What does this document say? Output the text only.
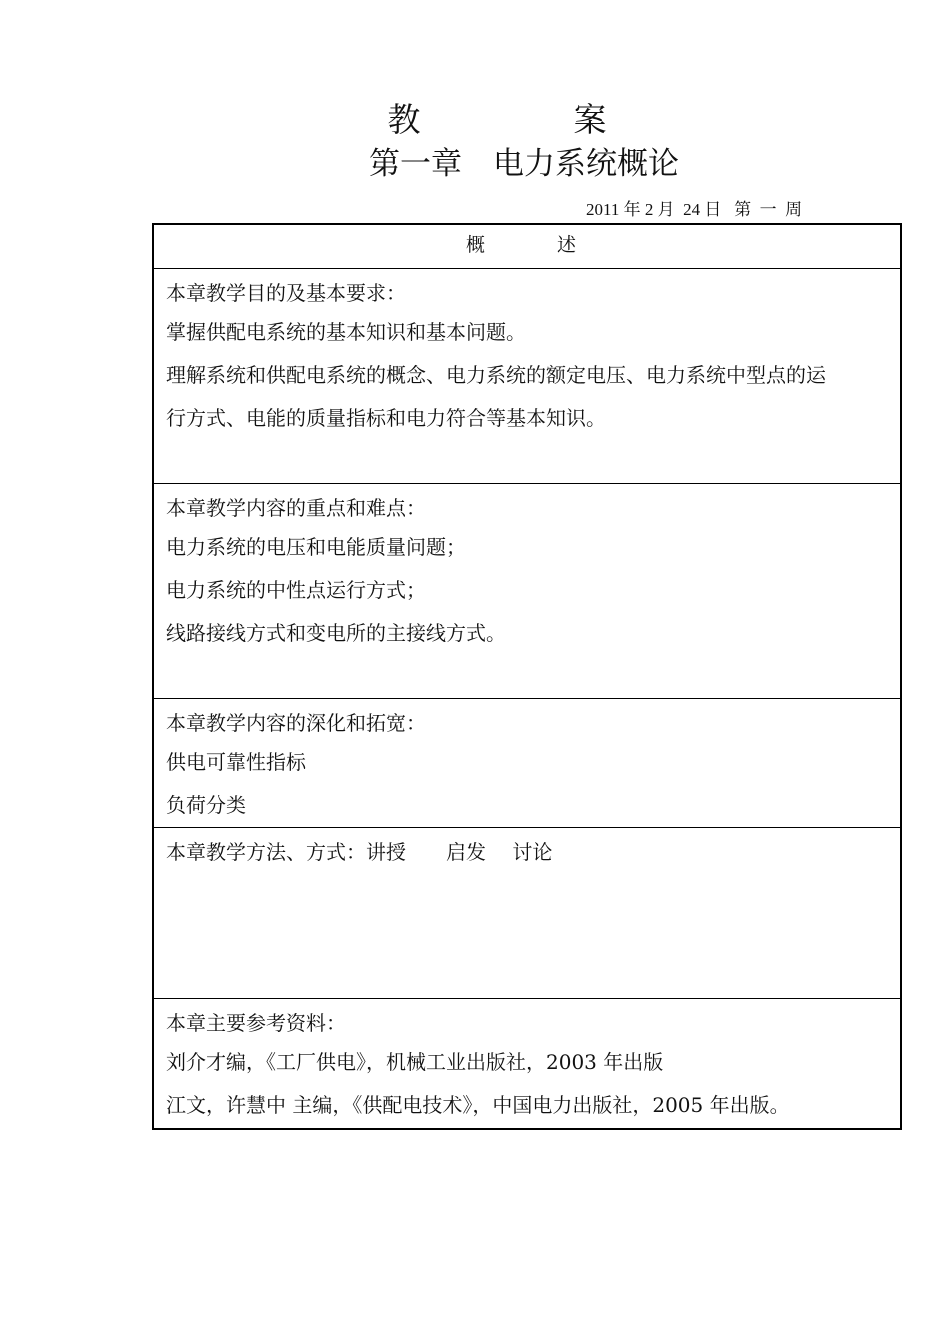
教　案
第一章　电力系统概论
2011 年 2 月  24 日   第  一  周
概述
本章教学目的及基本要求：
掌握供配电系统的基本知识和基本问题。
理解系统和供配电系统的概念、电力系统的额定电压、电力系统中型点的运
行方式、电能的质量指标和电力符合等基本知识。
本章教学内容的重点和难点：
电力系统的电压和电能质量问题；
电力系统的中性点运行方式；
线路接线方式和变电所的主接线方式。
本章教学内容的深化和拓宽：
供电可靠性指标
负荷分类
本章教学方法、方式：讲授　　启发　 讨论
本章主要参考资料：
刘介才编，《工厂供电》，机械工业出版社，2003 年出版
江文，许慧中 主编，《供配电技术》，中国电力出版社，2005 年出版。
